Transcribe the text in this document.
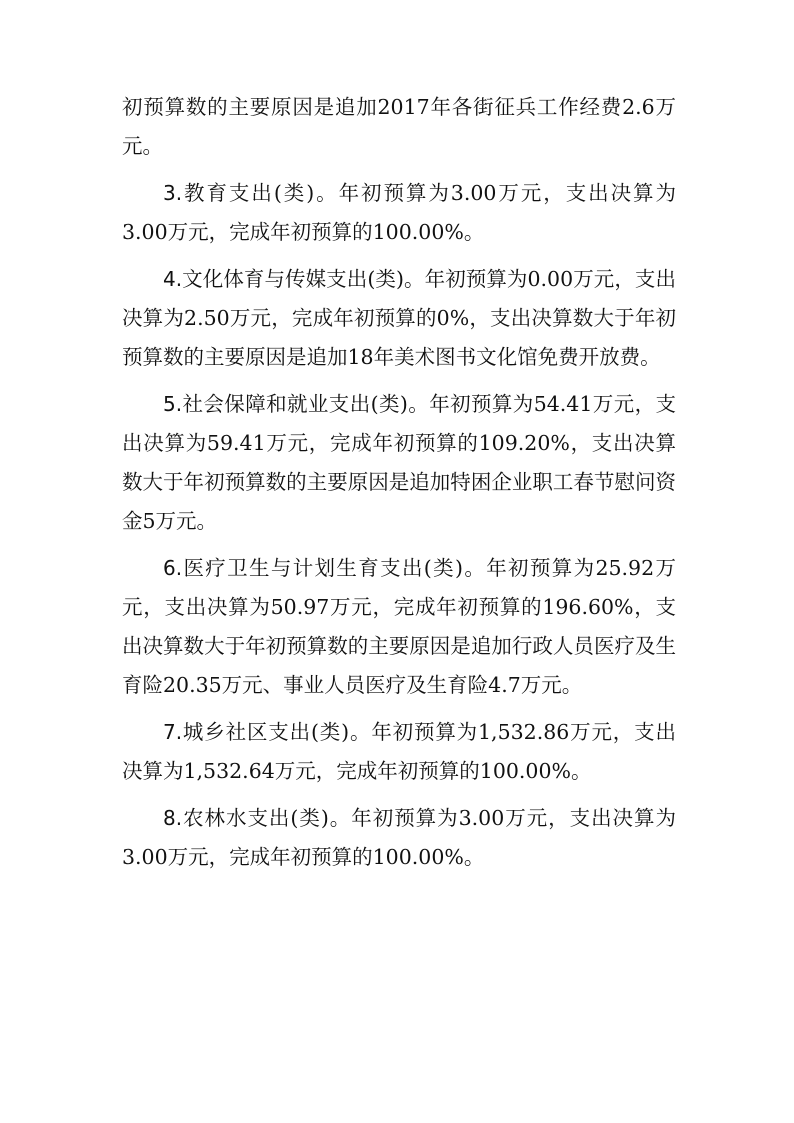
初预算数的主要原因是追加2017年各街征兵工作经费2.6万元。

3.教育支出(类)。年初预算为3.00万元，支出决算为3.00万元，完成年初预算的100.00%。

4.文化体育与传媒支出(类)。年初预算为0.00万元，支出决算为2.50万元，完成年初预算的0%，支出决算数大于年初预算数的主要原因是追加18年美术图书文化馆免费开放费。

5.社会保障和就业支出(类)。年初预算为54.41万元，支出决算为59.41万元，完成年初预算的109.20%，支出决算数大于年初预算数的主要原因是追加特困企业职工春节慰问资金5万元。

6.医疗卫生与计划生育支出(类)。年初预算为25.92万元，支出决算为50.97万元，完成年初预算的196.60%，支出决算数大于年初预算数的主要原因是追加行政人员医疗及生育险20.35万元、事业人员医疗及生育险4.7万元。

7.城乡社区支出(类)。年初预算为1,532.86万元，支出决算为1,532.64万元，完成年初预算的100.00%。

8.农林水支出(类)。年初预算为3.00万元，支出决算为3.00万元，完成年初预算的100.00%。
